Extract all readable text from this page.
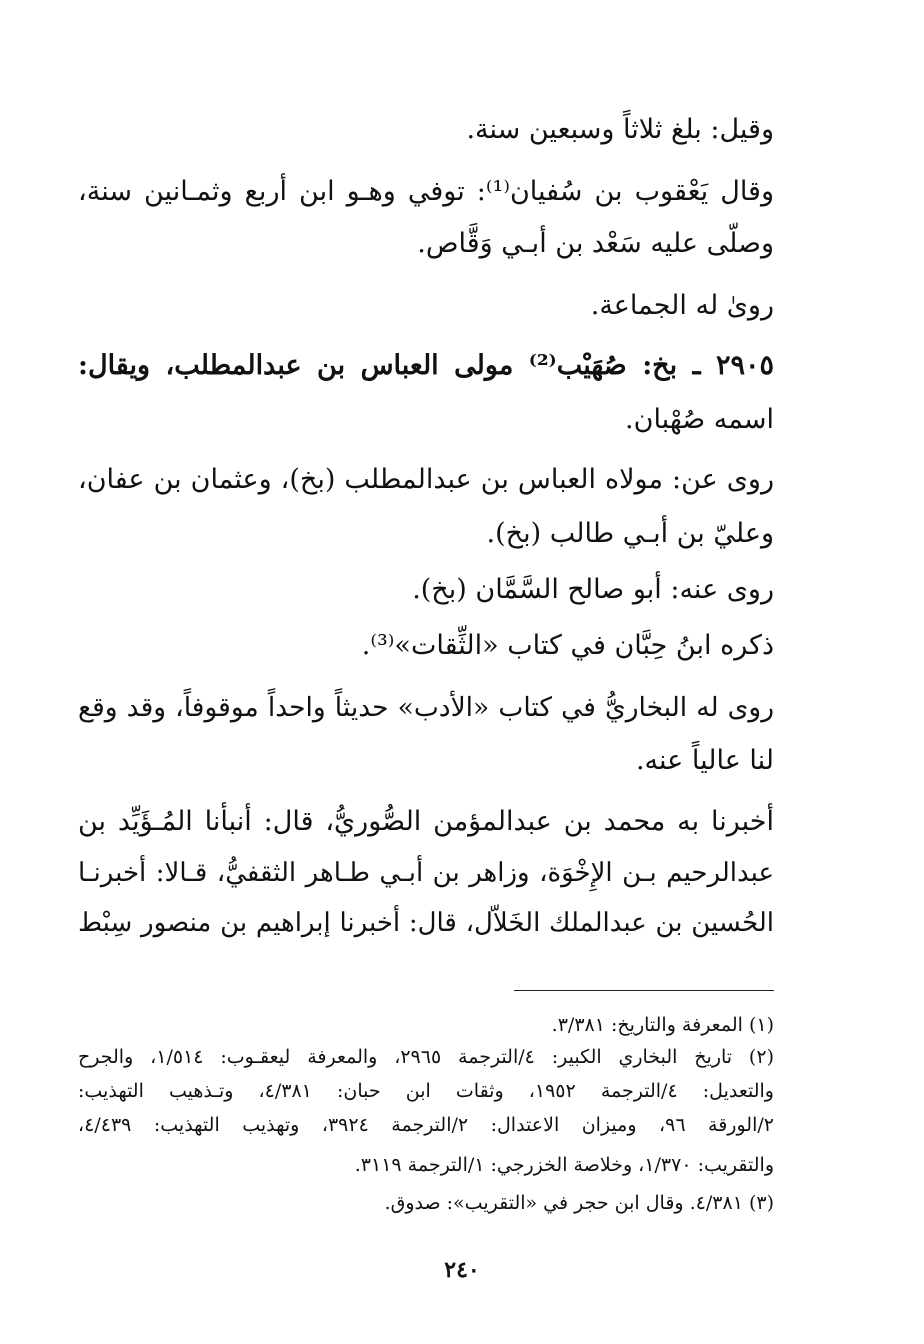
وقيل: بلغ ثلاثاً وسبعين سنة.
وقال يَعْقوب بن سُفيان⁽¹⁾: توفي وهـو ابن أربع وثمـانين سنة،
وصلّى عليه سَعْد بن أبـي وَقَّاص.
روىٰ له الجماعة.
٢٩٠٥ ـ بخ: صُهَيْب⁽²⁾ مولى العباس بن عبدالمطلب، ويقال:
اسمه صُهْبان.
روى عن: مولاه العباس بن عبدالمطلب (بخ)، وعثمان بن عفان،
وعليّ بن أبـي طالب (بخ).
روى عنه: أبو صالح السَّمَّان (بخ).
ذكره ابنُ حِبَّان في كتاب «الثِّقات»⁽³⁾.
روى له البخاريُّ في كتاب «الأدب» حديثاً واحداً موقوفاً، وقد وقع
لنا عالياً عنه.
أخبرنا به محمد بن عبدالمؤمن الصُّوريُّ، قال: أنبأنا المُـؤَيِّد بن
عبدالرحيم بـن الإِخْوَة، وزاهر بن أبـي طـاهر الثقفيُّ، قـالا: أخبرنـا
الحُسين بن عبدالملك الخَلاّل، قال: أخبرنا إبراهيم بن منصور سِبْط
(١) المعرفة والتاريخ: ٣/٣٨١.
(٢) تاريخ البخاري الكبير: ٤/الترجمة ٢٩٦٥، والمعرفة ليعقـوب: ١/٥١٤، والجرح
والتعديل: ٤/الترجمة ١٩٥٢، وثقات ابن حبان: ٤/٣٨١، وتـذهيب التهذيب:
٢/الورقة ٩٦، وميزان الاعتدال: ٢/الترجمة ٣٩٢٤، وتهذيب التهذيب: ٤/٤٣٩،
والتقريب: ١/٣٧٠، وخلاصة الخزرجي: ١/الترجمة ٣١١٩.
(٣) ٤/٣٨١. وقال ابن حجر في «التقريب»: صدوق.
٢٤٠
